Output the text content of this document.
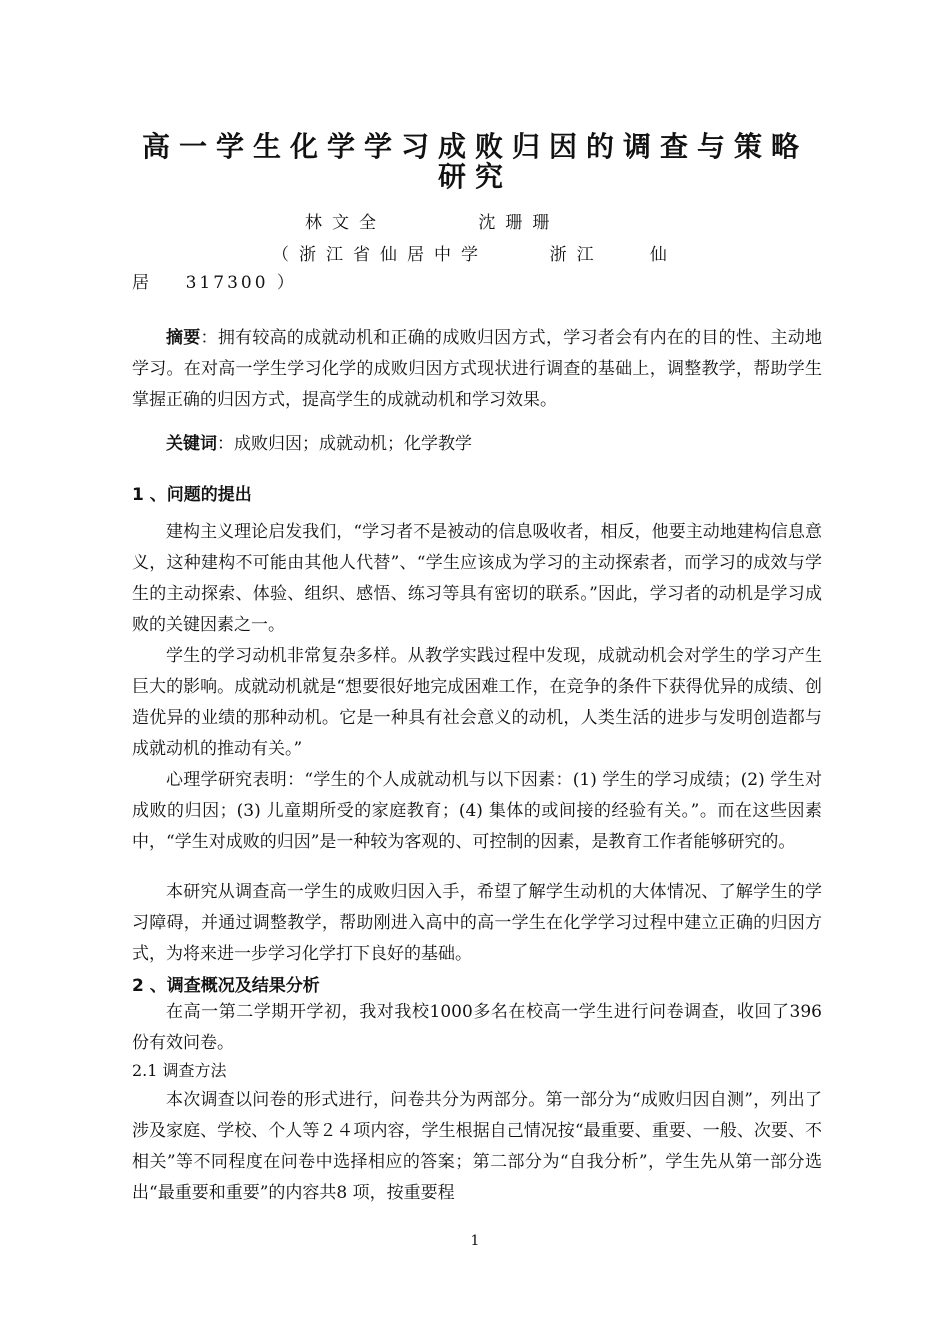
高一学生化学学习成败归因的调查与策略
研究
林文全      沈珊珊
（浙江省仙居中学    浙江   仙
居    317300 ）

摘要：拥有较高的成就动机和正确的成败归因方式，学习者会有内在的目的性、主动地学习。在对高一学生学习化学的成败归因方式现状进行调查的基础上，调整教学，帮助学生掌握正确的归因方式，提高学生的成就动机和学习效果。

关键词：成败归因；成就动机；化学教学

1 、问题的提出

建构主义理论启发我们，“学习者不是被动的信息吸收者，相反，他要主动地建构信息意义，这种建构不可能由其他人代替”、“学生应该成为学习的主动探索者，而学习的成效与学生的主动探索、体验、组织、感悟、练习等具有密切的联系。”因此，学习者的动机是学习成败的关键因素之一。

学生的学习动机非常复杂多样。从教学实践过程中发现，成就动机会对学生的学习产生巨大的影响。成就动机就是“想要很好地完成困难工作，在竞争的条件下获得优异的成绩、创造优异的业绩的那种动机。它是一种具有社会意义的动机，人类生活的进步与发明创造都与成就动机的推动有关。”

心理学研究表明：“学生的个人成就动机与以下因素：(1) 学生的学习成绩；(2) 学生对成败的归因；(3) 儿童期所受的家庭教育；(4) 集体的或间接的经验有关。”。而在这些因素中，“学生对成败的归因”是一种较为客观的、可控制的因素，是教育工作者能够研究的。

本研究从调查高一学生的成败归因入手，希望了解学生动机的大体情况、了解学生的学习障碍，并通过调整教学，帮助刚进入高中的高一学生在化学学习过程中建立正确的归因方式，为将来进一步学习化学打下良好的基础。

2 、调查概况及结果分析

在高一第二学期开学初，我对我校1000多名在校高一学生进行问卷调查，收回了396 份有效问卷。

2.1 调查方法

本次调查以问卷的形式进行，问卷共分为两部分。第一部分为“成败归因自测”，列出了涉及家庭、学校、个人等２４项内容，学生根据自己情况按“最重要、重要、一般、次要、不相关”等不同程度在问卷中选择相应的答案；第二部分为“自我分析”，学生先从第一部分选出“最重要和重要”的内容共8 项，按重要程

1
